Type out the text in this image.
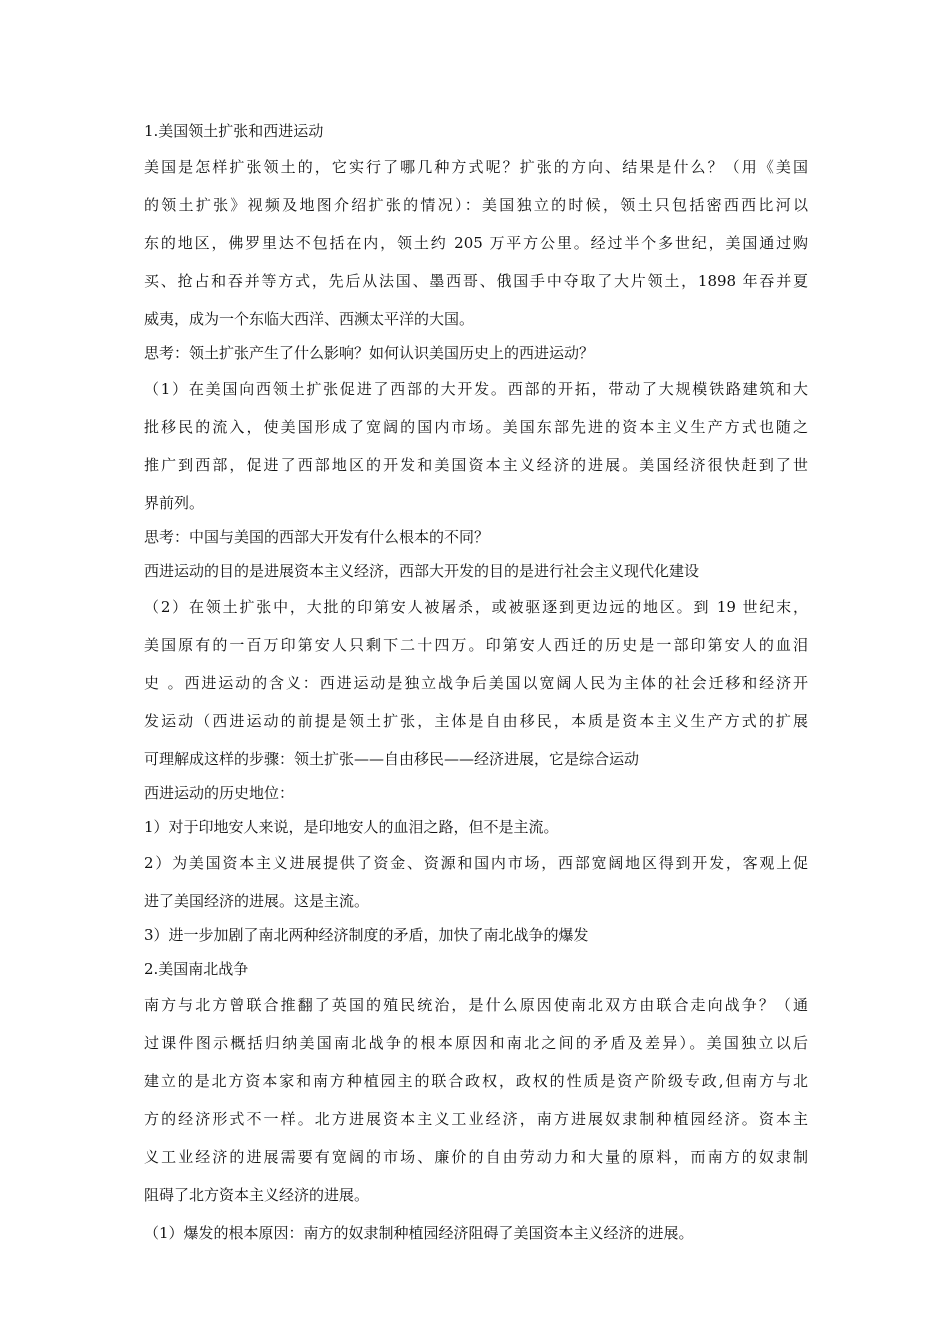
1.美国领土扩张和西进运动
美国是怎样扩张领土的，它实行了哪几种方式呢？扩张的方向、结果是什么？（用《美国
的领土扩张》视频及地图介绍扩张的情况）：美国独立的时候，领土只包括密西西比河以
东的地区，佛罗里达不包括在内，领土约 205 万平方公里。经过半个多世纪，美国通过购
买、抢占和吞并等方式，先后从法国、墨西哥、俄国手中夺取了大片领土，1898 年吞并夏
威夷，成为一个东临大西洋、西濒太平洋的大国。
思考：领土扩张产生了什么影响？如何认识美国历史上的西进运动？
（1）在美国向西领土扩张促进了西部的大开发。西部的开拓，带动了大规模铁路建筑和大
批移民的流入，使美国形成了宽阔的国内市场。美国东部先进的资本主义生产方式也随之
推广到西部，促进了西部地区的开发和美国资本主义经济的进展。美国经济很快赶到了世
界前列。
思考：中国与美国的西部大开发有什么根本的不同？
西进运动的目的是进展资本主义经济，西部大开发的目的是进行社会主义现代化建设
（2）在领土扩张中，大批的印第安人被屠杀，或被驱逐到更边远的地区。到 19 世纪末，
美国原有的一百万印第安人只剩下二十四万。印第安人西迁的历史是一部印第安人的血泪
史 。西进运动的含义：西进运动是独立战争后美国以宽阔人民为主体的社会迁移和经济开
发运动（西进运动的前提是领土扩张，主体是自由移民，本质是资本主义生产方式的扩展
可理解成这样的步骤：领土扩张——自由移民——经济进展，它是综合运动
西进运动的历史地位：
1）对于印地安人来说，是印地安人的血泪之路，但不是主流。
2）为美国资本主义进展提供了资金、资源和国内市场，西部宽阔地区得到开发，客观上促
进了美国经济的进展。这是主流。
3）进一步加剧了南北两种经济制度的矛盾，加快了南北战争的爆发
2.美国南北战争
南方与北方曾联合推翻了英国的殖民统治，是什么原因使南北双方由联合走向战争？（通
过课件图示概括归纳美国南北战争的根本原因和南北之间的矛盾及差异）。美国独立以后
建立的是北方资本家和南方种植园主的联合政权，政权的性质是资产阶级专政,但南方与北
方的经济形式不一样。北方进展资本主义工业经济，南方进展奴隶制种植园经济。资本主
义工业经济的进展需要有宽阔的市场、廉价的自由劳动力和大量的原料，而南方的奴隶制
阻碍了北方资本主义经济的进展。
（1）爆发的根本原因：南方的奴隶制种植园经济阻碍了美国资本主义经济的进展。
